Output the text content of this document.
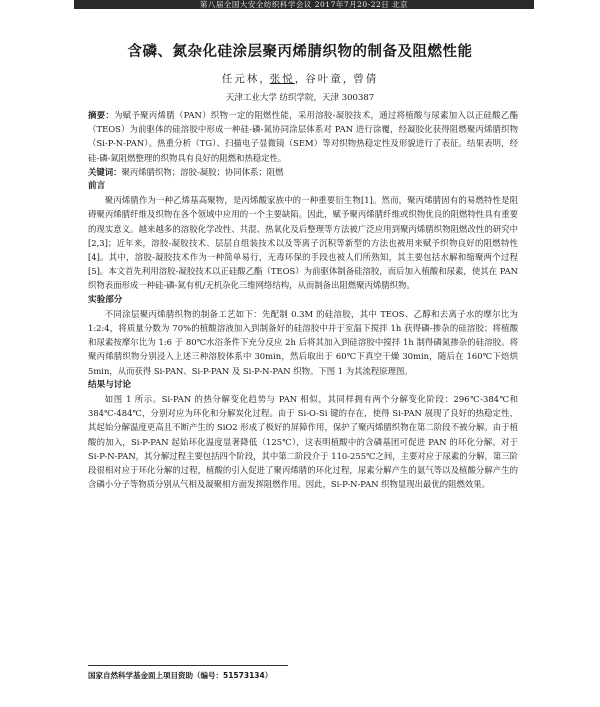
第八届全国大安全纺织科学会议 2017年7月20-22日 北京
含磷、氮杂化硅涂层聚丙烯腈织物的制备及阻燃性能
任元林，张悦，谷叶童，曾倩
天津工业大学 纺织学院，天津 300387

摘要：为赋予聚丙烯腈（PAN）织物一定的阻燃性能，采用溶胶-凝胶技术，通过将植酸与尿素加入以正硅酸乙酯（TEOS）为前驱体的硅溶胶中形成一种硅-磷-氮协同涂层体系对 PAN 进行涂覆，经凝胶化获得阻燃聚丙烯腈织物（Si-P-N-PAN）。热重分析（TG）、扫描电子显微镜（SEM）等对织物热稳定性及形貌进行了表征。结果表明，经硅-磷-氮阻燃整理的织物具有良好的阻燃和热稳定性。

关键词：聚丙烯腈织物；溶胶-凝胶；协同体系；阻燃

前言

聚丙烯腈作为一种乙烯基高聚物，是丙烯酸家族中的一种重要衍生物[1]。然而，聚丙烯腈固有的易燃特性是阻碍聚丙烯腈纤维及织物在各个领域中应用的一个主要缺陷。因此，赋予聚丙烯腈纤维或织物优良的阻燃特性具有重要的现实意义。越来越多的溶胶化学改性、共混、热氧化及后整理等方法被广泛应用到聚丙烯腈织物阻燃改性的研究中[2,3]；近年来，溶胶-凝胶技术、层层自组装技术以及等离子沉积等新型的方法也被用来赋予织物良好的阻燃特性[4]。其中，溶胶-凝胶技术作为一种简单易行，无毒环保的手段也被人们所熟知，其主要包括水解和缩聚两个过程[5]。本文首先利用溶胶-凝胶技术以正硅酸乙酯（TEOS）为前驱体制备硅溶胶，而后加入植酸和尿素，使其在 PAN 织物表面形成一种硅-磷-氮有机/无机杂化三维网络结构，从而制备出阻燃聚丙烯腈织物。

实验部分

不同涂层聚丙烯腈织物的制备工艺如下：先配制 0.3M 的硅溶胶，其中 TEOS、乙醇和去离子水的摩尔比为 1:2:4，将质量分数为 70%的植酸溶液加入到制备好的硅溶胶中并于室温下搅拌 1h 获得磷-掺杂的硅溶胶；将植酸和尿素按摩尔比为 1:6 于 80℃水浴条件下充分反应 2h 后将其加入到硅溶胶中搅拌 1h 制得磷氮掺杂的硅溶胶。将聚丙烯腈织物分别浸入上述三种溶胶体系中 30min，然后取出于 60℃下真空干燥 30min，随后在 160℃下焙烘 5min，从而获得 Si-PAN、Si-P-PAN 及 Si-P-N-PAN 织物。下图 1 为其流程原理图。

结果与讨论

如图 1 所示。Si-PAN 的热分解变化趋势与 PAN 相似，其同样拥有两个分解变化阶段：296℃-384℃和 384℃-484℃，分别对应为环化和分解炭化过程。由于 Si-O-Si 键的存在，使得 Si-PAN 展现了良好的热稳定性，其起始分解温度更高且不断产生的 SiO2 形成了极好的屏障作用，保护了聚丙烯腈织物在第二阶段不被分解。由于植酸的加入，Si-P-PAN 起始环化温度显著降低（125℃），这表明植酸中的含磷基团可促进 PAN 的环化分解。对于 Si-P-N-PAN，其分解过程主要包括四个阶段，其中第二阶段介于 110-255℃之间，主要对应于尿素的分解，第三阶段很相对应于环化分解的过程，植酸的引入促进了聚丙烯腈的环化过程，尿素分解产生的氨气等以及植酸分解产生的含磷小分子等物质分别从气相及凝聚相方面发挥阻燃作用。因此，Si-P-N-PAN 织物显现出最优的阻燃效果。

国家自然科学基金面上项目资助（编号：51573134）
